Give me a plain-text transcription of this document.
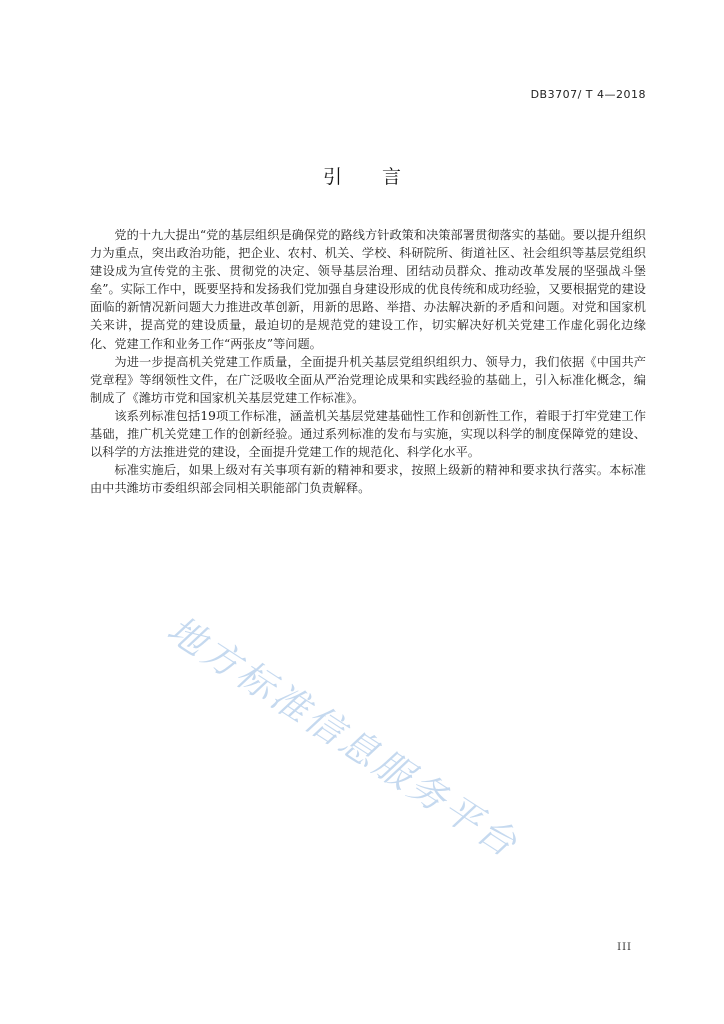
DB3707/ T 4—2018
引 言

党的十九大提出“党的基层组织是确保党的路线方针政策和决策部署贯彻落实的基础。要以提升组织力为重点，突出政治功能，把企业、农村、机关、学校、科研院所、街道社区、社会组织等基层党组织建设成为宣传党的主张、贯彻党的决定、领导基层治理、团结动员群众、推动改革发展的坚强战斗堡垒”。实际工作中，既要坚持和发扬我们党加强自身建设形成的优良传统和成功经验，又要根据党的建设面临的新情况新问题大力推进改革创新，用新的思路、举措、办法解决新的矛盾和问题。对党和国家机关来讲，提高党的建设质量，最迫切的是规范党的建设工作，切实解决好机关党建工作虚化弱化边缘化、党建工作和业务工作“两张皮”等问题。

为进一步提高机关党建工作质量，全面提升机关基层党组织组织力、领导力，我们依据《中国共产党章程》等纲领性文件，在广泛吸收全面从严治党理论成果和实践经验的基础上，引入标准化概念，编制成了《潍坊市党和国家机关基层党建工作标准》。

该系列标准包括19项工作标准，涵盖机关基层党建基础性工作和创新性工作，着眼于打牢党建工作基础，推广机关党建工作的创新经验。通过系列标准的发布与实施，实现以科学的制度保障党的建设、以科学的方法推进党的建设，全面提升党建工作的规范化、科学化水平。

标准实施后，如果上级对有关事项有新的精神和要求，按照上级新的精神和要求执行落实。本标准由中共潍坊市委组织部会同相关职能部门负责解释。

地方标准信息服务平台
III
